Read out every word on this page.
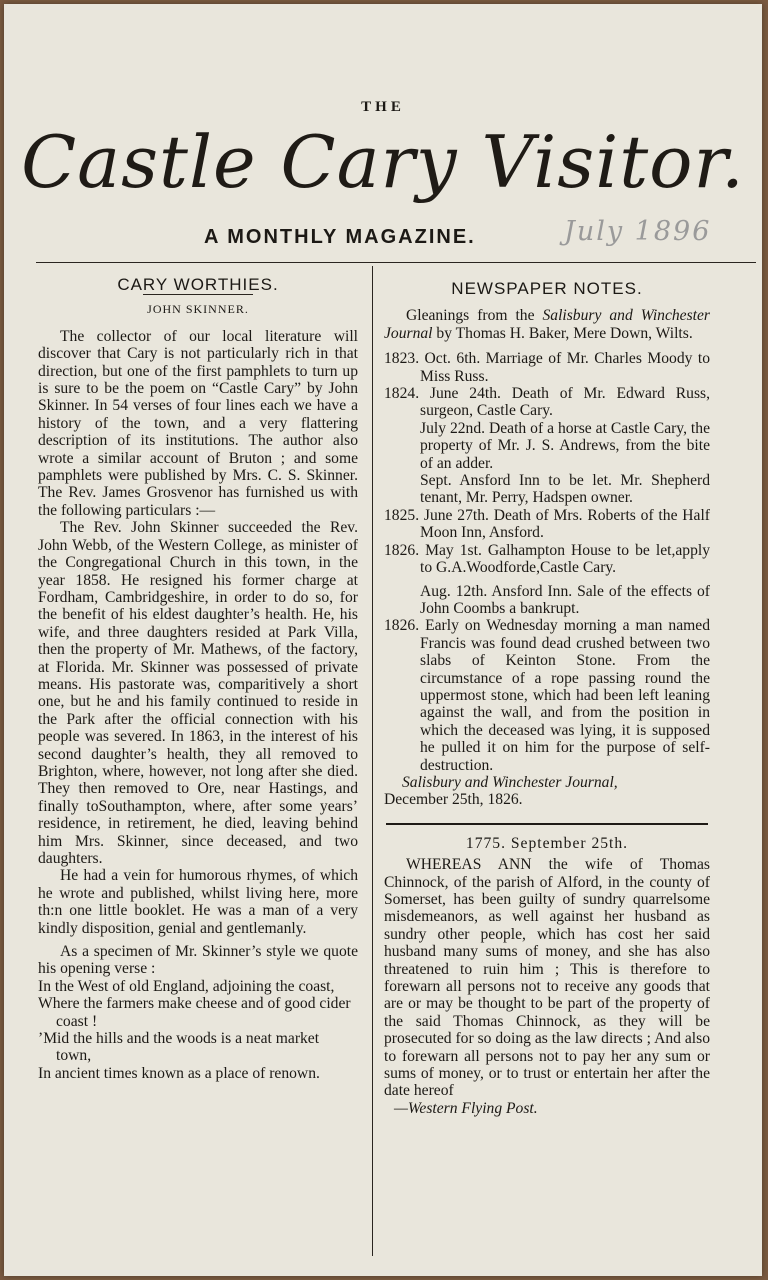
THE
Castle Cary Visitor.
A MONTHLY MAGAZINE.	July 1896

CARY WORTHIES.

JOHN SKINNER.

The collector of our local literature will discover that Cary is not particularly rich in that direction, but one of the first pamphlets to turn up is sure to be the poem on “Castle Cary” by John Skinner. In 54 verses of four lines each we have a history of the town, and a very flattering description of its institutions. The author also wrote a similar account of Bruton ; and some pamphlets were published by Mrs. C. S. Skinner. The Rev. James Grosvenor has furnished us with the following particulars :—

The Rev. John Skinner succeeded the Rev. John Webb, of the Western College, as minister of the Congregational Church in this town, in the year 1858. He resigned his former charge at Fordham, Cambridgeshire, in order to do so, for the benefit of his eldest daughter’s health. He, his wife, and three daughters resided at Park Villa, then the property of Mr. Mathews, of the factory, at Florida. Mr. Skinner was possessed of private means. His pastorate was, comparitively a short one, but he and his family continued to reside in the Park after the official connection with his people was severed. In 1863, in the interest of his second daughter’s health, they all removed to Brighton, where, however, not long after she died. They then removed to Ore, near Hastings, and finally toSouthampton, where, after some years’ residence, in retirement, he died, leaving behind him Mrs. Skinner, since deceased, and two daughters.

He had a vein for humorous rhymes, of which he wrote and published, whilst living here, more th:n one little booklet. He was a man of a very kindly disposition, genial and gentlemanly.

As a specimen of Mr. Skinner’s style we quote his opening verse :

In the West of old England, adjoining the coast,

Where the farmers make cheese and of good cider coast !

’Mid the hills and the woods is a neat market town,

In ancient times known as a place of renown.

NEWSPAPER NOTES.

Gleanings from the Salisbury and Winchester Journal by Thomas H. Baker, Mere Down, Wilts.

1823. Oct. 6th. Marriage of Mr. Charles Moody to Miss Russ.

1824. June 24th. Death of Mr. Edward Russ, surgeon, Castle Cary.

July 22nd. Death of a horse at Castle Cary, the property of Mr. J. S. Andrews, from the bite of an adder.

Sept. Ansford Inn to be let. Mr. Shepherd tenant, Mr. Perry, Hadspen owner.

1825. June 27th. Death of Mrs. Roberts of the Half Moon Inn, Ansford.

1826. May 1st. Galhampton House to be let,apply to G.A.Woodforde,Castle Cary.

Aug. 12th. Ansford Inn. Sale of the effects of John Coombs a bankrupt.

1826. Early on Wednesday morning a man named Francis was found dead crushed between two slabs of Keinton Stone. From the circumstance of a rope passing round the uppermost stone, which had been left leaning against the wall, and from the position in which the deceased was lying, it is supposed he pulled it on him for the purpose of self-destruction.

Salisbury and Winchester Journal,

December 25th, 1826.

1775. September 25th.

WHEREAS ANN the wife of Thomas Chinnock, of the parish of Alford, in the county of Somerset, has been guilty of sundry quarrelsome misdemeanors, as well against her husband as sundry other people, which has cost her said husband many sums of money, and she has also threatened to ruin him ; This is therefore to forewarn all persons not to receive any goods that are or may be thought to be part of the property of the said Thomas Chinnock, as they will be prosecuted for so doing as the law directs ; And also to forewarn all persons not to pay her any sum or sums of money, or to trust or entertain her after the date hereof

—Western Flying Post.
